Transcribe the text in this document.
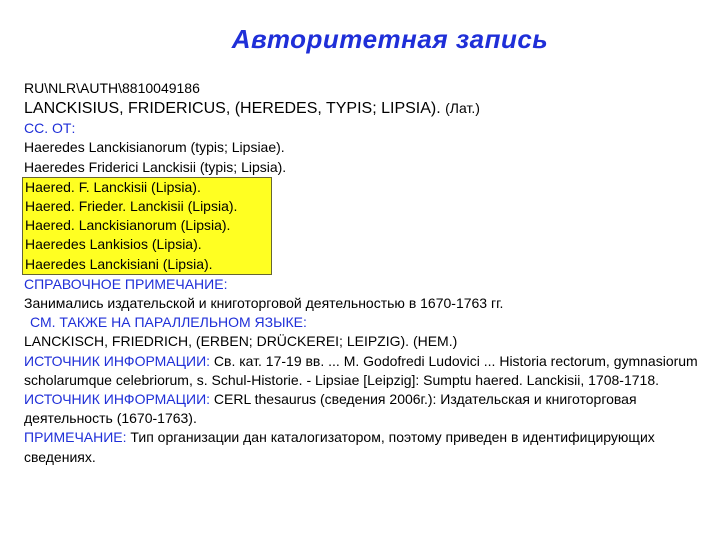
Авторитетная запись
RU\NLR\AUTH\8810049186
LANCKISIUS, FRIDERICUS, (HEREDES, TYPIS; LIPSIA). (Лат.)
СС. ОТ:
Haeredes Lanckisianorum (typis; Lipsiae).
Haeredes Friderici Lanckisii (typis; Lipsia).
Haered. F. Lanckisii (Lipsia).
Haered. Frieder. Lanckisii (Lipsia).
Haered. Lanckisianorum (Lipsia).
Haeredes Lankisios (Lipsia).
Haeredes Lanckisiani (Lipsia).
СПРАВОЧНОЕ ПРИМЕЧАНИЕ:
Занимались издательской и книготорговой деятельностью в 1670-1763 гг.
СМ. ТАКЖЕ НА ПАРАЛЛЕЛЬНОМ ЯЗЫКЕ:
LANCKISCH, FRIEDRICH, (ERBEN; DRÜCKEREI; LEIPZIG). (НЕМ.)
ИСТОЧНИК ИНФОРМАЦИИ: Св. кат. 17-19 вв. ... M. Godofredi Ludovici ... Historia rectorum, gymnasiorum scholarumque celebriorum, s. Schul-Historie. - Lipsiae [Leipzig]: Sumptu haered. Lanckisii, 1708-1718.
ИСТОЧНИК ИНФОРМАЦИИ: CERL thesaurus (сведения 2006г.): Издательская и книготорговая деятельность (1670-1763).
ПРИМЕЧАНИЕ: Тип организации дан каталогизатором, поэтому приведен в идентифицирующих сведениях.
